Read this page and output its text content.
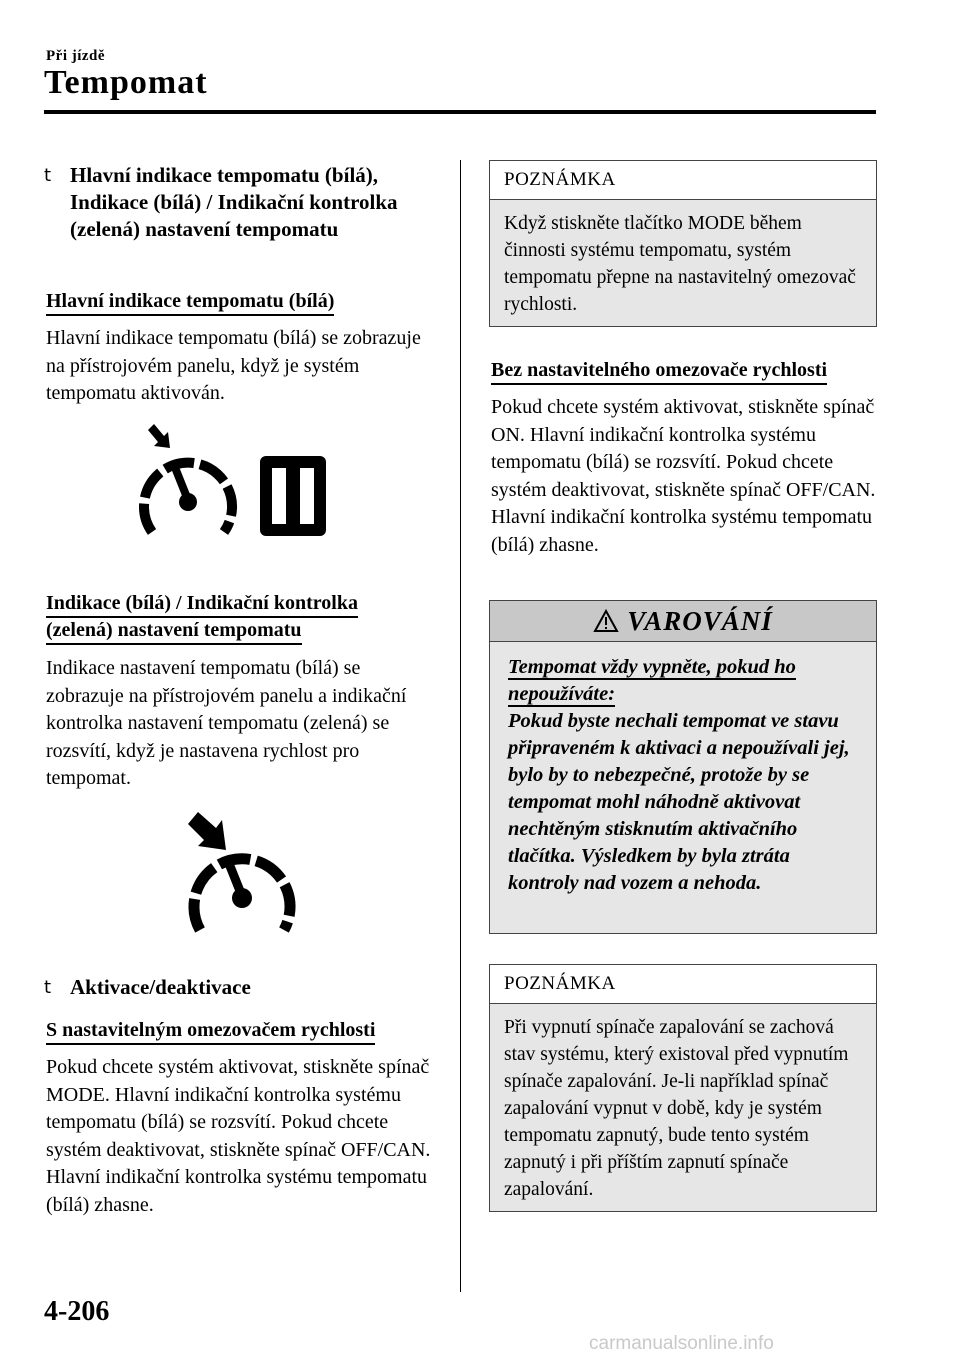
Při jízdě
Tempomat
t Hlavní indikace tempomatu (bílá), Indikace (bílá) / Indikační kontrolka (zelená) nastavení tempomatu
Hlavní indikace tempomatu (bílá)
Hlavní indikace tempomatu (bílá) se zobrazuje na přístrojovém panelu, když je systém tempomatu aktivován.
Indikace (bílá) / Indikační kontrolka
(zelená) nastavení tempomatu
Indikace nastavení tempomatu (bílá) se zobrazuje na přístrojovém panelu a indikační kontrolka nastavení tempomatu (zelená) se rozsvítí, když je nastavena rychlost pro tempomat.
t Aktivace/deaktivace
S nastavitelným omezovačem rychlosti
Pokud chcete systém aktivovat, stiskněte spínač MODE. Hlavní indikační kontrolka systému tempomatu (bílá) se rozsvítí. Pokud chcete systém deaktivovat, stiskněte spínač OFF/CAN. Hlavní indikační kontrolka systému tempomatu (bílá) zhasne.
POZNÁMKA
Když stiskněte tlačítko MODE během činnosti systému tempomatu, systém tempomatu přepne na nastavitelný omezovač rychlosti.
Bez nastavitelného omezovače rychlosti
Pokud chcete systém aktivovat, stiskněte spínač ON. Hlavní indikační kontrolka systému tempomatu (bílá) se rozsvítí. Pokud chcete systém deaktivovat, stiskněte spínač OFF/CAN. Hlavní indikační kontrolka systému tempomatu (bílá) zhasne.
VAROVÁNÍ
Tempomat vždy vypněte, pokud ho nepoužíváte:
Pokud byste nechali tempomat ve stavu připraveném k aktivaci a nepoužívali jej, bylo by to nebezpečné, protože by se tempomat mohl náhodně aktivovat nechtěným stisknutím aktivačního tlačítka. Výsledkem by byla ztráta kontroly nad vozem a nehoda.
POZNÁMKA
Při vypnutí spínače zapalování se zachová stav systému, který existoval před vypnutím spínače zapalování. Je-li například spínač zapalování vypnut v době, kdy je systém tempomatu zapnutý, bude tento systém zapnutý i při příštím zapnutí spínače zapalování.
4-206
carmanualsonline.info
